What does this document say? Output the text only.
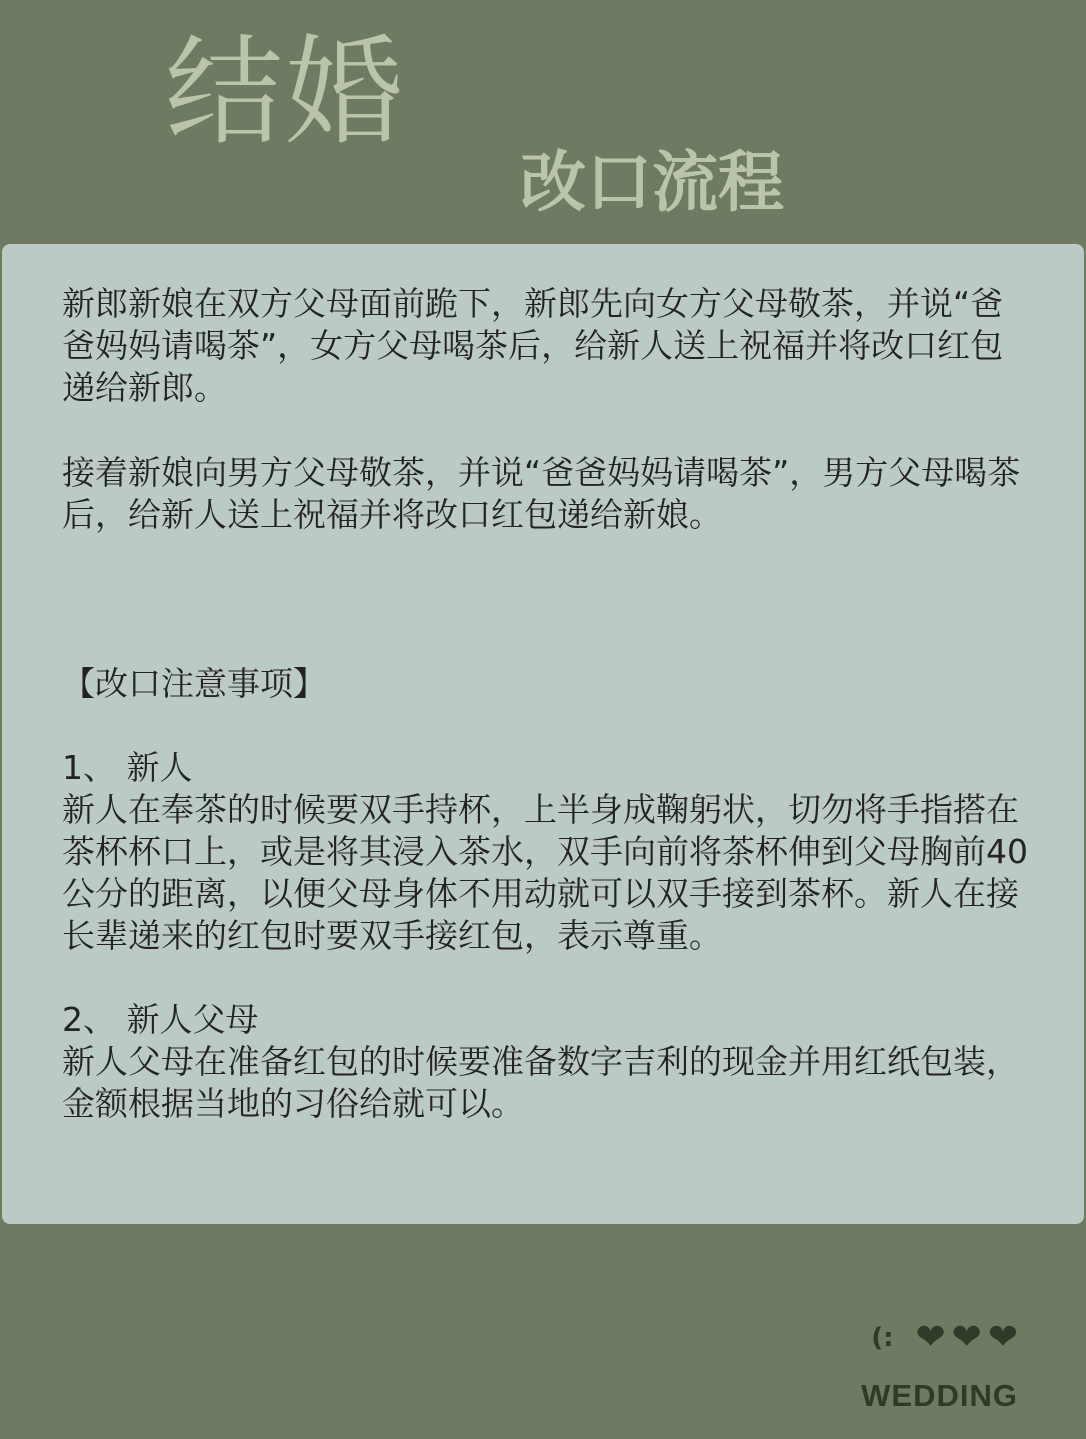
结婚
改口流程

新郎新娘在双方父母面前跪下，新郎先向女方父母敬茶，并说“爸爸妈妈请喝茶”，女方父母喝茶后，给新人送上祝福并将改口红包递给新郎。

接着新娘向男方父母敬茶，并说“爸爸妈妈请喝茶”，男方父母喝茶后，给新人送上祝福并将改口红包递给新娘。

【改口注意事项】

1、 新人

新人在奉茶的时候要双手持杯，上半身成鞠躬状，切勿将手指搭在茶杯杯口上，或是将其浸入茶水，双手向前将茶杯伸到父母胸前40公分的距离，以便父母身体不用动就可以双手接到茶杯。新人在接长辈递来的红包时要双手接红包，表示尊重。

2、 新人父母

新人父母在准备红包的时候要准备数字吉利的现金并用红纸包装，金额根据当地的习俗给就可以。

(: ❤ ❤ ❤
WEDDING
